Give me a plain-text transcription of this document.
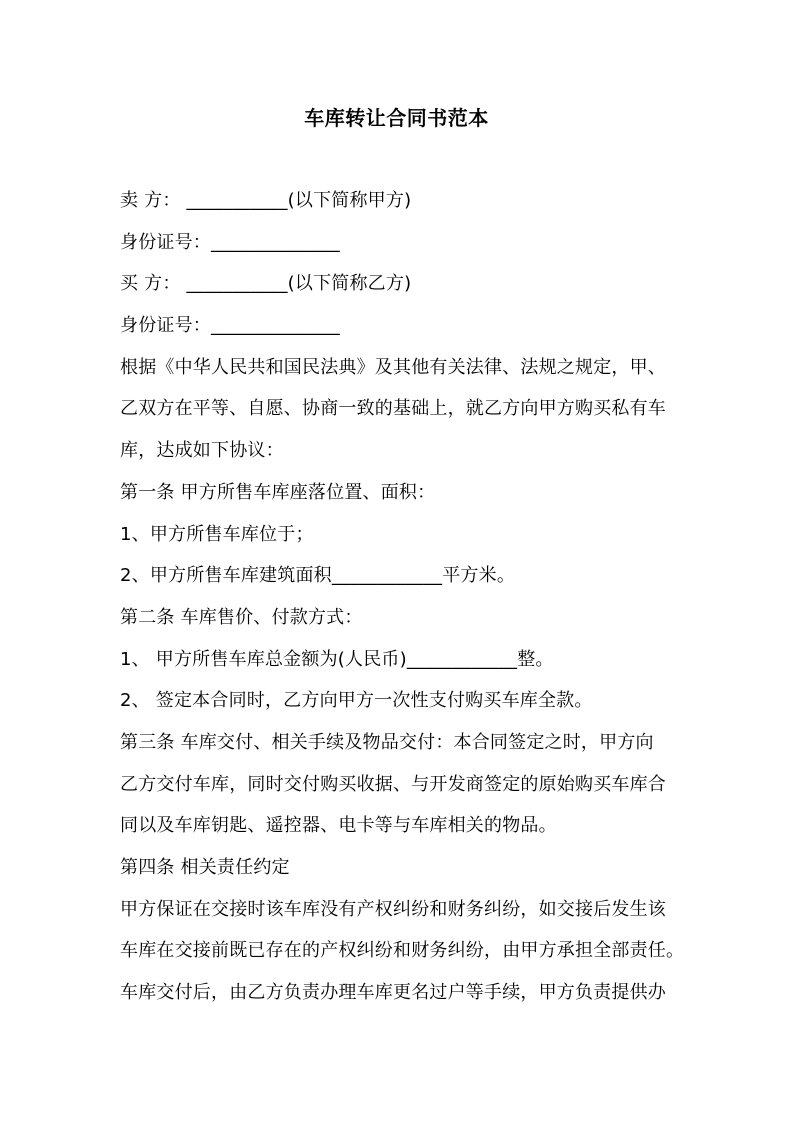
车库转让合同书范本
卖 方： ___________(以下简称甲方)
身份证号：______________
买 方： ___________(以下简称乙方)
身份证号：______________
根据《中华人民共和国民法典》及其他有关法律、法规之规定，甲、
乙双方在平等、自愿、协商一致的基础上，就乙方向甲方购买私有车
库，达成如下协议：
第一条 甲方所售车库座落位置、面积：
1、甲方所售车库位于；
2、甲方所售车库建筑面积____________平方米。
第二条 车库售价、付款方式：
1、 甲方所售车库总金额为(人民币)____________整。
2、 签定本合同时，乙方向甲方一次性支付购买车库全款。
第三条 车库交付、相关手续及物品交付：本合同签定之时，甲方向
乙方交付车库，同时交付购买收据、与开发商签定的原始购买车库合
同以及车库钥匙、遥控器、电卡等与车库相关的物品。
第四条 相关责任约定
甲方保证在交接时该车库没有产权纠纷和财务纠纷，如交接后发生该
车库在交接前既已存在的产权纠纷和财务纠纷，由甲方承担全部责任。
车库交付后，由乙方负责办理车库更名过户等手续，甲方负责提供办
